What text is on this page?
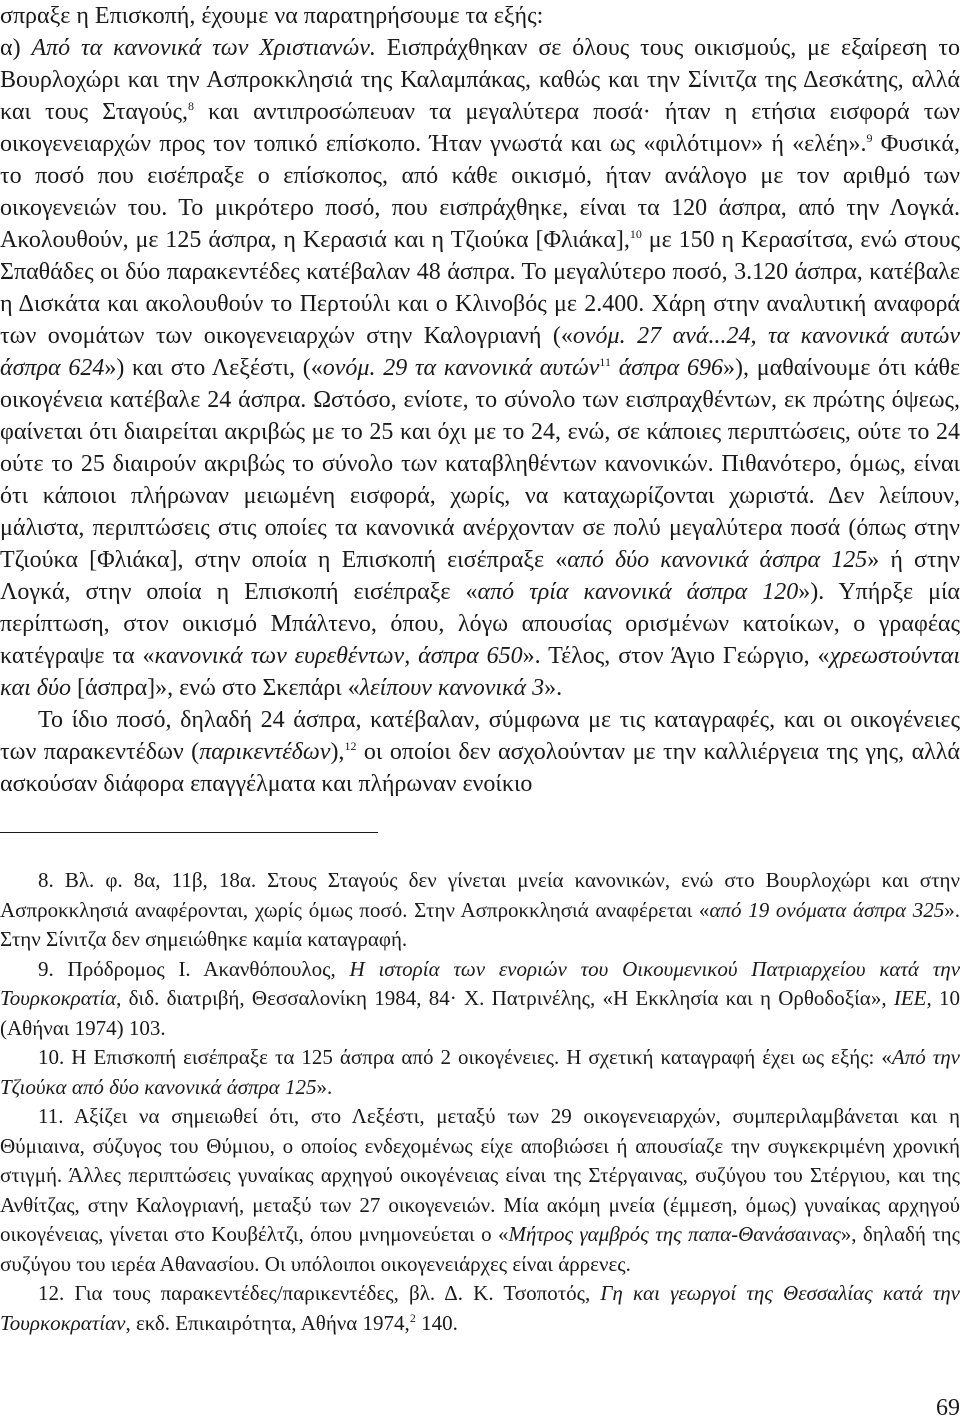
σπραξε η Επισκοπή, έχουμε να παρατηρήσουμε τα εξής:
α) Από τα κανονικά των Χριστιανών. Εισπράχθηκαν σε όλους τους οικισμούς, με εξαίρεση το Βουρλοχώρι και την Ασπροκκλησιά της Καλαμπάκας, καθώς και την Σίνιτζα της Δεσκάτης, αλλά και τους Σταγούς,$^8$ και αντιπροσώπευαν τα μεγαλύτερα ποσά· ήταν η ετήσια εισφορά των οικογενειαρχών προς τον τοπικό επίσκοπο. Ήταν γνωστά και ως «φιλότιμον» ή «ελέη».$^9$ Φυσικά, το ποσό που εισέπραξε ο επίσκοπος, από κάθε οικισμό, ήταν ανάλογο με τον αριθμό των οικογενειών του. Το μικρότερο ποσό, που εισπράχθηκε, είναι τα 120 άσπρα, από την Λογκά. Ακολουθούν, με 125 άσπρα, η Κερασιά και η Τζιούκα [Φλιάκα],$^{10}$ με 150 η Κερασίτσα, ενώ στους Σπαθάδες οι δύο παρακεντέδες κατέβαλαν 48 άσπρα. Το μεγαλύτερο ποσό, 3.120 άσπρα, κατέβαλε η Δισκάτα και ακολουθούν το Περτούλι και ο Κλινοβός με 2.400. Χάρη στην αναλυτική αναφορά των ονομάτων των οικογενειαρχών στην Καλογριανή («ονόμ. 27 ανά...24, τα κανονικά αυτών άσπρα 624») και στο Λεξέστι, («ονόμ. 29 τα κανονικά αυτών$^{11}$ άσπρα 696»), μαθαίνουμε ότι κάθε οικογένεια κατέβαλε 24 άσπρα. Ωστόσο, ενίοτε, το σύνολο των εισπραχθέντων, εκ πρώτης όψεως, φαίνεται ότι διαιρείται ακριβώς με το 25 και όχι με το 24, ενώ, σε κάποιες περιπτώσεις, ούτε το 24 ούτε το 25 διαιρούν ακριβώς το σύνολο των καταβληθέντων κανονικών. Πιθανότερο, όμως, είναι ότι κάποιοι πλήρωναν μειωμένη εισφορά, χωρίς, να καταχωρίζονται χωριστά. Δεν λείπουν, μάλιστα, περιπτώσεις στις οποίες τα κανονικά ανέρχονταν σε πολύ μεγαλύτερα ποσά (όπως στην Τζιούκα [Φλιάκα], στην οποία η Επισκοπή εισέπραξε «από δύο κανονικά άσπρα 125» ή στην Λογκά, στην οποία η Επισκοπή εισέπραξε «από τρία κανονικά άσπρα 120»). Υπήρξε μία περίπτωση, στον οικισμό Μπάλτενο, όπου, λόγω απουσίας ορισμένων κατοίκων, ο γραφέας κατέγραψε τα «κανονικά των ευρεθέντων, άσπρα 650». Τέλος, στον Άγιο Γεώργιο, «χρεωστούνται και δύο [άσπρα]», ενώ στο Σκεπάρι «λείπουν κανονικά 3».

Το ίδιο ποσό, δηλαδή 24 άσπρα, κατέβαλαν, σύμφωνα με τις καταγραφές, και οι οικογένειες των παρακεντέδων (παρικεντέδων),$^{12}$ οι οποίοι δεν ασχολούνταν με την καλλιέργεια της γης, αλλά ασκούσαν διάφορα επαγγέλματα και πλήρωναν ενοίκιο

8. Βλ. φ. 8α, 11β, 18α. Στους Σταγούς δεν γίνεται μνεία κανονικών, ενώ στο Βουρλοχώρι και στην Ασπροκκλησιά αναφέρονται, χωρίς όμως ποσό. Στην Ασπροκκλησιά αναφέρεται «από 19 ονόματα άσπρα 325». Στην Σίνιτζα δεν σημειώθηκε καμία καταγραφή.

9. Πρόδρομος Ι. Ακανθόπουλος, Η ιστορία των ενοριών του Οικουμενικού Πατριαρχείου κατά την Τουρκοκρατία, διδ. διατριβή, Θεσσαλονίκη 1984, 84· Χ. Πατρινέλης, «Η Εκκλησία και η Ορθοδοξία», ΙΕΕ, 10 (Αθήναι 1974) 103.

10. Η Επισκοπή εισέπραξε τα 125 άσπρα από 2 οικογένειες. Η σχετική καταγραφή έχει ως εξής: «Από την Τζιούκα από δύο κανονικά άσπρα 125».

11. Αξίζει να σημειωθεί ότι, στο Λεξέστι, μεταξύ των 29 οικογενειαρχών, συμπεριλαμβάνεται και η Θύμιαινα, σύζυγος του Θύμιου, ο οποίος ενδεχομένως είχε αποβιώσει ή απουσίαζε την συγκεκριμένη χρονική στιγμή. Άλλες περιπτώσεις γυναίκας αρχηγού οικογένειας είναι της Στέργαινας, συζύγου του Στέργιου, και της Ανθίτζας, στην Καλογριανή, μεταξύ των 27 οικογενειών. Μία ακόμη μνεία (έμμεση, όμως) γυναίκας αρχηγού οικογένειας, γίνεται στο Κουβέλτζι, όπου μνημονεύεται ο «Μήτρος γαμβρός της παπα-Θανάσαινας», δηλαδή της συζύγου του ιερέα Αθανασίου. Οι υπόλοιποι οικογενειάρχες είναι άρρενες.

12. Για τους παρακεντέδες/παρικεντέδες, βλ. Δ. Κ. Τσοποτός, Γη και γεωργοί της Θεσσαλίας κατά την Τουρκοκρατίαν, εκδ. Επικαιρότητα, Αθήνα 1974,$^2$ 140.

69
